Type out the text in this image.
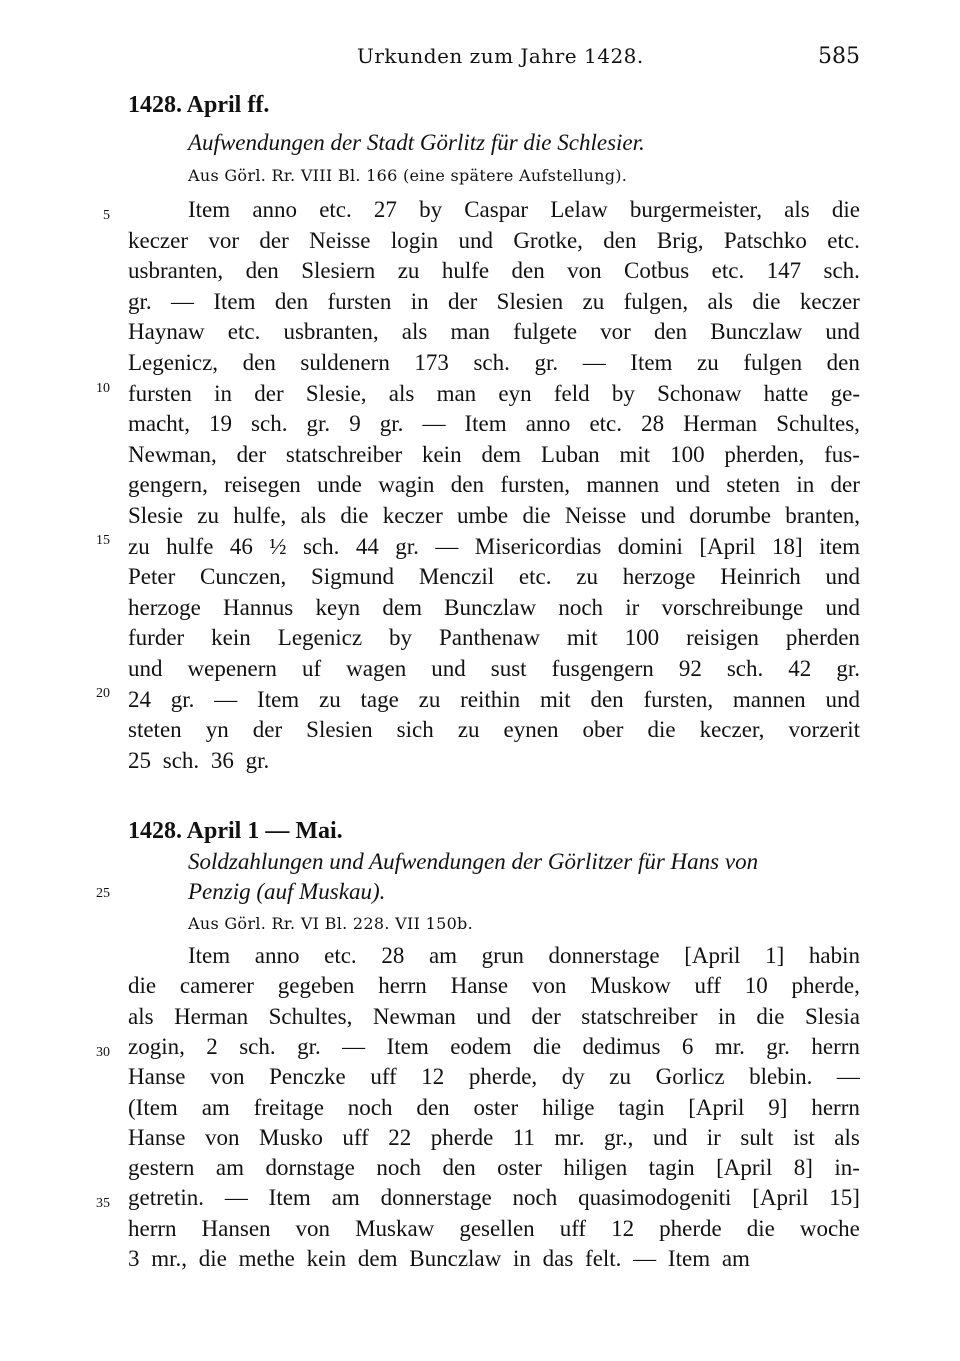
Urkunden zum Jahre 1428.	585
1428. April ff.
Aufwendungen der Stadt Görlitz für die Schlesier.
Aus Görl. Rr. VIII Bl. 166 (eine spätere Aufstellung).
Item anno etc. 27 by Caspar Lelaw burgermeister, als die
keczer vor der Neisse login und Grotke, den Brig, Patschko etc.
usbranten, den Slesiern zu hulfe den von Cotbus etc. 147 sch.
gr. — Item den fursten in der Slesien zu fulgen, als die keczer
Haynaw etc. usbranten, als man fulgete vor den Bunczlaw und
Legenicz, den suldenern 173 sch. gr. — Item zu fulgen den
fursten in der Slesie, als man eyn feld by Schonaw hatte ge-
macht, 19 sch. gr. 9 gr. — Item anno etc. 28 Herman Schultes,
Newman, der statschreiber kein dem Luban mit 100 pherden, fus-
gengern, reisegen unde wagin den fursten, mannen und steten in der
Slesie zu hulfe, als die keczer umbe die Neisse und dorumbe branten,
zu hulfe 46 ½ sch. 44 gr. — Misericordias domini [April 18] item
Peter Cunczen, Sigmund Menczil etc. zu herzoge Heinrich und
herzoge Hannus keyn dem Bunczlaw noch ir vorschreibunge und
furder kein Legenicz by Panthenaw mit 100 reisigen pherden
und wepenern uf wagen und sust fusgengern 92 sch. 42 gr.
24 gr. — Item zu tage zu reithin mit den fursten, mannen und
steten yn der Slesien sich zu eynen ober die keczer, vorzerit
25 sch. 36 gr.
1428. April 1 — Mai.
Soldzahlungen und Aufwendungen der Görlitzer für Hans von
Penzig (auf Muskau).
Aus Görl. Rr. VI Bl. 228. VII 150b.
Item anno etc. 28 am grun donnerstage [April 1] habin
die camerer gegeben herrn Hanse von Muskow uff 10 pherde,
als Herman Schultes, Newman und der statschreiber in die Slesia
zogin, 2 sch. gr. — Item eodem die dedimus 6 mr. gr. herrn
Hanse von Penczke uff 12 pherde, dy zu Gorlicz blebin. —
(Item am freitage noch den oster hilige tagin [April 9] herrn
Hanse von Musko uff 22 pherde 11 mr. gr., und ir sult ist als
gestern am dornstage noch den oster hiligen tagin [April 8] in-
getretin. — Item am donnerstage noch quasimodogeniti [April 15]
herrn Hansen von Muskaw gesellen uff 12 pherde die woche
3 mr., die methe kein dem Bunczlaw in das felt. — Item am
5
10
15
20
25
30
35
